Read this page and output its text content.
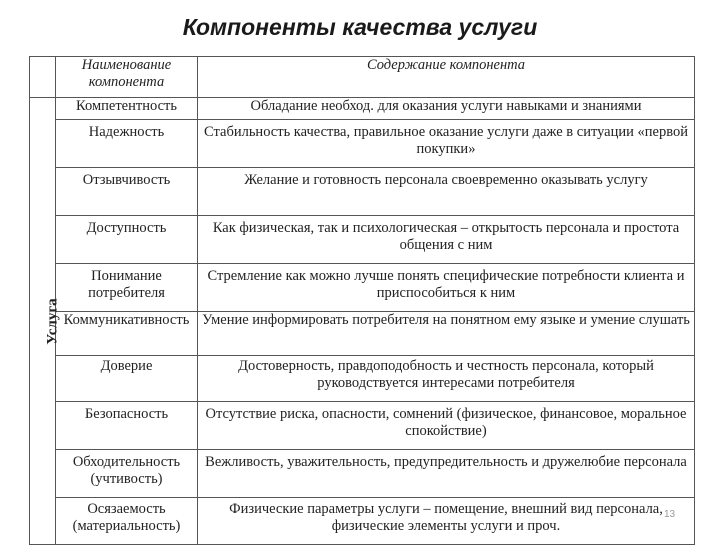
Компоненты качества услуги
	Наименование компонента	Содержание компонента
Услуга	Компетентность	Обладание необход. для оказания услуги навыками и знаниями
	Надежность	Стабильность качества, правильное оказание услуги даже в ситуации «первой покупки»
	Отзывчивость	Желание и готовность персонала своевременно оказывать услугу
	Доступность	Как физическая, так и психологическая – открытость персонала и простота общения с ним
	Понимание потребителя	Стремление как можно лучше понять специфические потребности клиента и приспособиться к ним
	Коммуникативность	Умение информировать потребителя на понятном ему языке и умение слушать
	Доверие	Достоверность, правдоподобность и честность персонала, который руководствуется интересами потребителя
	Безопасность	Отсутствие риска, опасности, сомнений (физическое, финансовое, моральное спокойствие)
	Обходительность (учтивость)	Вежливость, уважительность, предупредительность и дружелюбие персонала
	Осязаемость (материальность)	Физические параметры услуги – помещение, внешний вид персонала, физические элементы услуги и проч.
13
